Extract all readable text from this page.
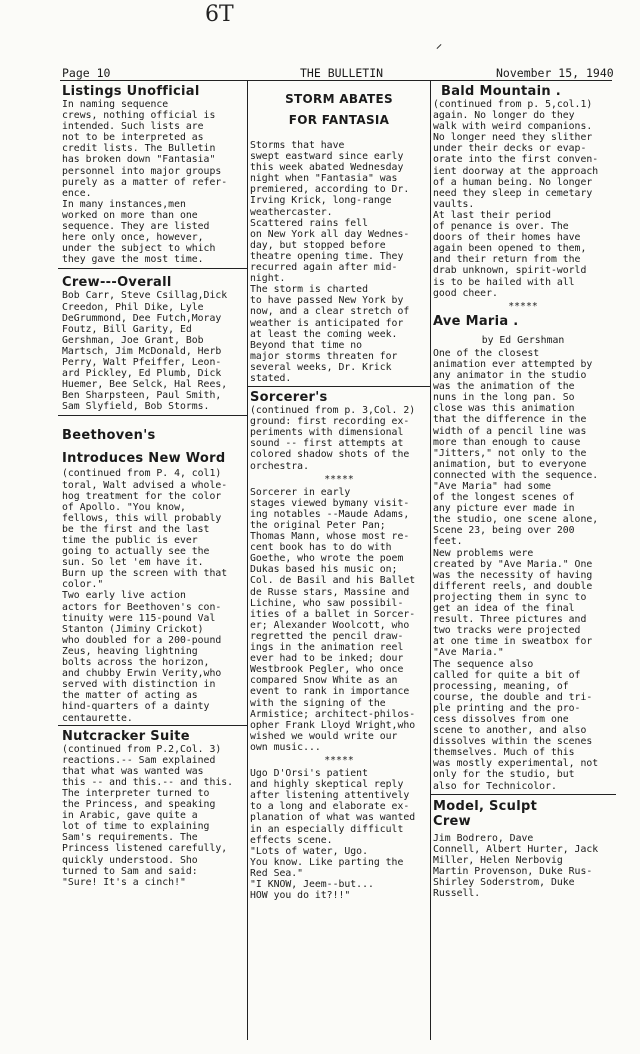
6T
Page 10	THE BULLETIN	November 15, 1940
Listings Unofficial
In naming sequence
crews, nothing official is
intended. Such lists are
not to be interpreted as
credit lists. The Bulletin
has broken down "Fantasia"
personnel into major groups
purely as a matter of refer-
ence.
In many instances,men
worked on more than one
sequence. They are listed
here only once, however,
under the subject to which
they gave the most time.
Crew---Overall
Bob Carr, Steve Csillag,Dick
Creedon, Phil Dike, Lyle
DeGrummond, Dee Futch,Moray
Foutz, Bill Garity, Ed
Gershman, Joe Grant, Bob
Martsch, Jim McDonald, Herb
Perry, Walt Pfeiffer, Leon-
ard Pickley, Ed Plumb, Dick
Huemer, Bee Selck, Hal Rees,
Ben Sharpsteen, Paul Smith,
Sam Slyfield, Bob Storms.
Beethoven's
Introduces New Word
(continued from P. 4, col1)
toral, Walt advised a whole-
hog treatment for the color
of Apollo. "You know,
fellows, this will probably
be the first and the last
time the public is ever
going to actually see the
sun. So let 'em have it.
Burn up the screen with that
color."
Two early live action
actors for Beethoven's con-
tinuity were 115-pound Val
Stanton (Jiminy Crickot)
who doubled for a 200-pound
Zeus, heaving lightning
bolts across the horizon,
and chubby Erwin Verity,who
served with distinction in
the matter of acting as
hind-quarters of a dainty
centaurette.
Nutcracker Suite
(continued from P.2,Col. 3)
reactions.-- Sam explained
that what was wanted was
this -- and this.-- and this.
The interpreter turned to
the Princess, and speaking
in Arabic, gave quite a
lot of time to explaining
Sam's requirements. The
Princess listened carefully,
quickly understood. Sho
turned to Sam and said:
"Sure! It's a cinch!"
STORM ABATES
FOR FANTASIA
Storms that have
swept eastward since early
this week abated Wednesday
night when "Fantasia" was
premiered, according to Dr.
Irving Krick, long-range
weathercaster.
Scattered rains fell
on New York all day Wednes-
day, but stopped before
theatre opening time. They
recurred again after mid-
night.
The storm is charted
to have passed New York by
now, and a clear stretch of
weather is anticipated for
at least the coming week.
Beyond that time no
major storms threaten for
several weeks, Dr. Krick
stated.
Sorcerer's
(continued from p. 3,Col. 2)
ground: first recording ex-
periments with dimensional
sound -- first attempts at
colored shadow shots of the
orchestra.
*****
Sorcerer in early
stages viewed bymany visit-
ing notables --Maude Adams,
the original Peter Pan;
Thomas Mann, whose most re-
cent book has to do with
Goethe, who wrote the poem
Dukas based his music on;
Col. de Basil and his Ballet
de Russe stars, Massine and
Lichine, who saw possibil-
ities of a ballet in Sorcer-
er; Alexander Woolcott, who
regretted the pencil draw-
ings in the animation reel
ever had to be inked; dour
Westbrook Pegler, who once
compared Snow White as an
event to rank in importance
with the signing of the
Armistice; architect-philos-
opher Frank Lloyd Wright,who
wished we would write our
own music...
*****
Ugo D'Orsi's patient
and highly skeptical reply
after listening attentively
to a long and elaborate ex-
planation of what was wanted
in an especially difficult
effects scene.
"Lots of water, Ugo.
You know. Like parting the
Red Sea."
"I KNOW, Jeem--but...
HOW you do it?!!"
Bald Mountain .
(continued from p. 5,col.1)
again. No longer do they
walk with weird companions.
No longer need they slither
under their decks or evap-
orate into the first conven-
ient doorway at the approach
of a human being. No longer
need they sleep in cemetary
vaults.
At last their period
of penance is over. The
doors of their homes have
again been opened to them,
and their return from the
drab unknown, spirit-world
is to be hailed with all
good cheer.
*****
Ave Maria .
by Ed Gershman
One of the closest
animation ever attempted by
any animator in the studio
was the animation of the
nuns in the long pan. So
close was this animation
that the difference in the
width of a pencil line was
more than enough to cause
"Jitters," not only to the
animation, but to everyone
connected with the sequence.
"Ave Maria" had some
of the longest scenes of
any picture ever made in
the studio, one scene alone,
Scene 23, being over 200
feet.
New problems were
created by "Ave Maria." One
was the necessity of having
different reels, and double
projecting them in sync to
get an idea of the final
result. Three pictures and
two tracks were projected
at one time in sweatbox for
"Ave Maria."
The sequence also
called for quite a bit of
processing, meaning, of
course, the double and tri-
ple printing and the pro-
cess dissolves from one
scene to another, and also
dissolves within the scenes
themselves. Much of this
was mostly experimental, not
only for the studio, but
also for Technicolor.
Model, Sculpt
Crew
Jim Bodrero, Dave
Connell, Albert Hurter, Jack
Miller, Helen Nerbovig
Martin Provenson, Duke Rus-
Shirley Soderstrom, Duke
Russell.
